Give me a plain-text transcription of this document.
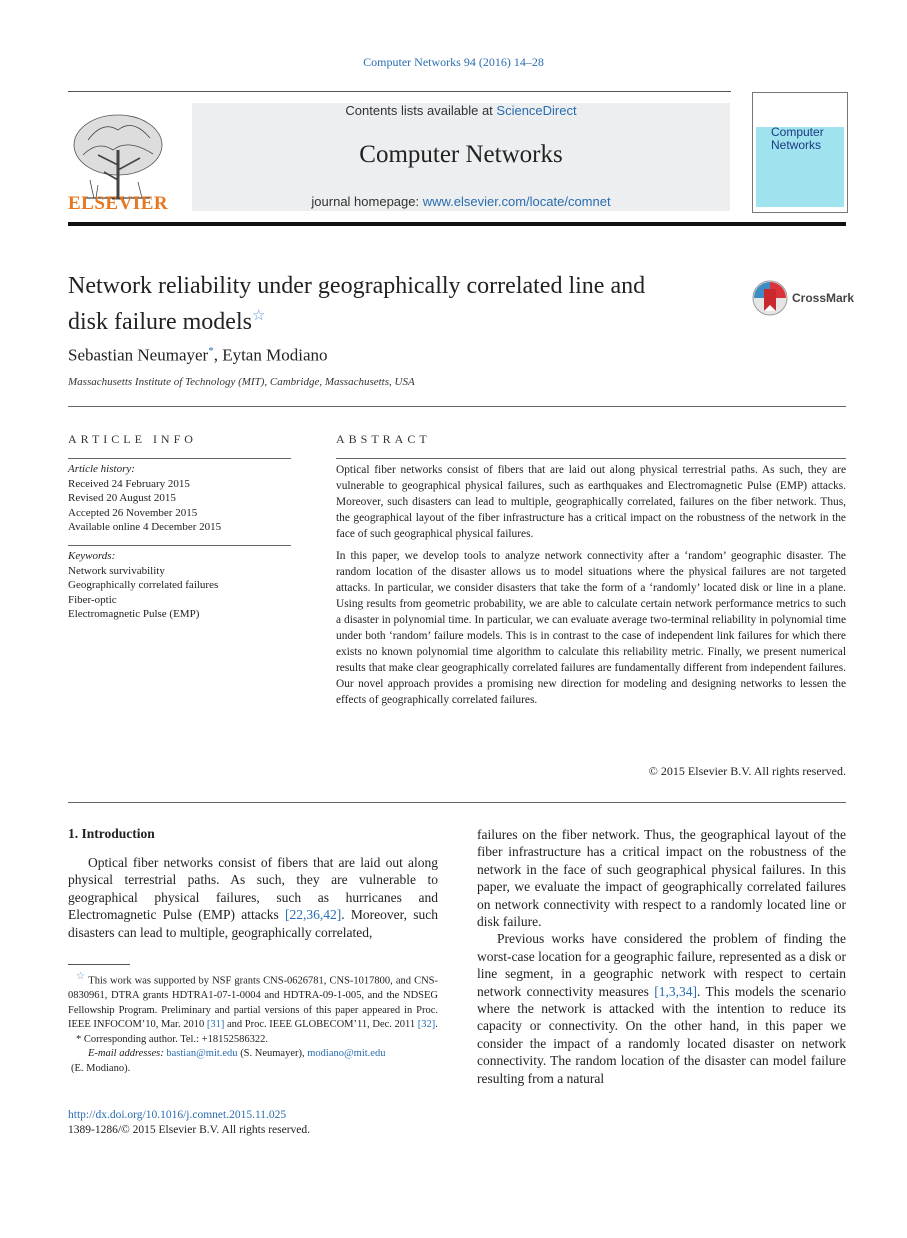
Computer Networks 94 (2016) 14–28
ELSEVIER
Contents lists available at ScienceDirect
Computer Networks
journal homepage: www.elsevier.com/locate/comnet
Computer
Networks
Network reliability under geographically correlated line and
disk failure models☆
CrossMark
Sebastian Neumayer*, Eytan Modiano
Massachusetts Institute of Technology (MIT), Cambridge, Massachusetts, USA
ARTICLE INFO
Article history:
Received 24 February 2015
Revised 20 August 2015
Accepted 26 November 2015
Available online 4 December 2015
Keywords:
Network survivability
Geographically correlated failures
Fiber-optic
Electromagnetic Pulse (EMP)
ABSTRACT

Optical fiber networks consist of fibers that are laid out along physical terrestrial paths. As such, they are vulnerable to geographical physical failures, such as earthquakes and Electromagnetic Pulse (EMP) attacks. Moreover, such disasters can lead to multiple, geographically correlated, failures on the fiber network. Thus, the geographical layout of the fiber infrastructure has a critical impact on the robustness of the network in the face of such geographical physical failures.

In this paper, we develop tools to analyze network connectivity after a ‘random’ geographic disaster. The random location of the disaster allows us to model situations where the physical failures are not targeted attacks. In particular, we consider disasters that take the form of a ‘randomly’ located disk or line in a plane. Using results from geometric probability, we are able to calculate certain network performance metrics to such a disaster in polynomial time. In particular, we can evaluate average two-terminal reliability in polynomial time under both ‘random’ failure models. This is in contrast to the case of independent link failures for which there exists no known polynomial time algorithm to calculate this reliability metric. Finally, we present numerical results that make clear geographically correlated failures are fundamentally different from independent failures. Our novel approach provides a promising new direction for modeling and designing networks to lessen the effects of geographically correlated failures.

© 2015 Elsevier B.V. All rights reserved.
1. Introduction

Optical fiber networks consist of fibers that are laid out along physical terrestrial paths. As such, they are vulnerable to geographical physical failures, such as hurricanes and Electromagnetic Pulse (EMP) attacks [22,36,42]. Moreover, such disasters can lead to multiple, geographically correlated,

failures on the fiber network. Thus, the geographical layout of the fiber infrastructure has a critical impact on the robustness of the network in the face of such geographical physical failures. In this paper, we evaluate the impact of geographically correlated failures on network connectivity with respect to a randomly located line or disk failure.

Previous works have considered the problem of finding the worst-case location for a geographic failure, represented as a disk or line segment, in a geographic network with respect to certain network connectivity measures [1,3,34]. This models the scenario where the network is attacked with the intention to reduce its capacity or connectivity. On the other hand, in this paper we consider the impact of a randomly located disaster on network connectivity. The random location of the disaster can model failure resulting from a natural

☆ This work was supported by NSF grants CNS-0626781, CNS-1017800, and CNS-0830961, DTRA grants HDTRA1-07-1-0004 and HDTRA-09-1-005, and the NDSEG Fellowship Program. Preliminary and partial versions of this paper appeared in Proc. IEEE INFOCOM’10, Mar. 2010 [31] and Proc. IEEE GLOBECOM’11, Dec. 2011 [32].

* Corresponding author. Tel.: +18152586322.

E-mail addresses: bastian@mit.edu (S. Neumayer), modiano@mit.edu
(E. Modiano).

http://dx.doi.org/10.1016/j.comnet.2015.11.025
1389-1286/© 2015 Elsevier B.V. All rights reserved.
